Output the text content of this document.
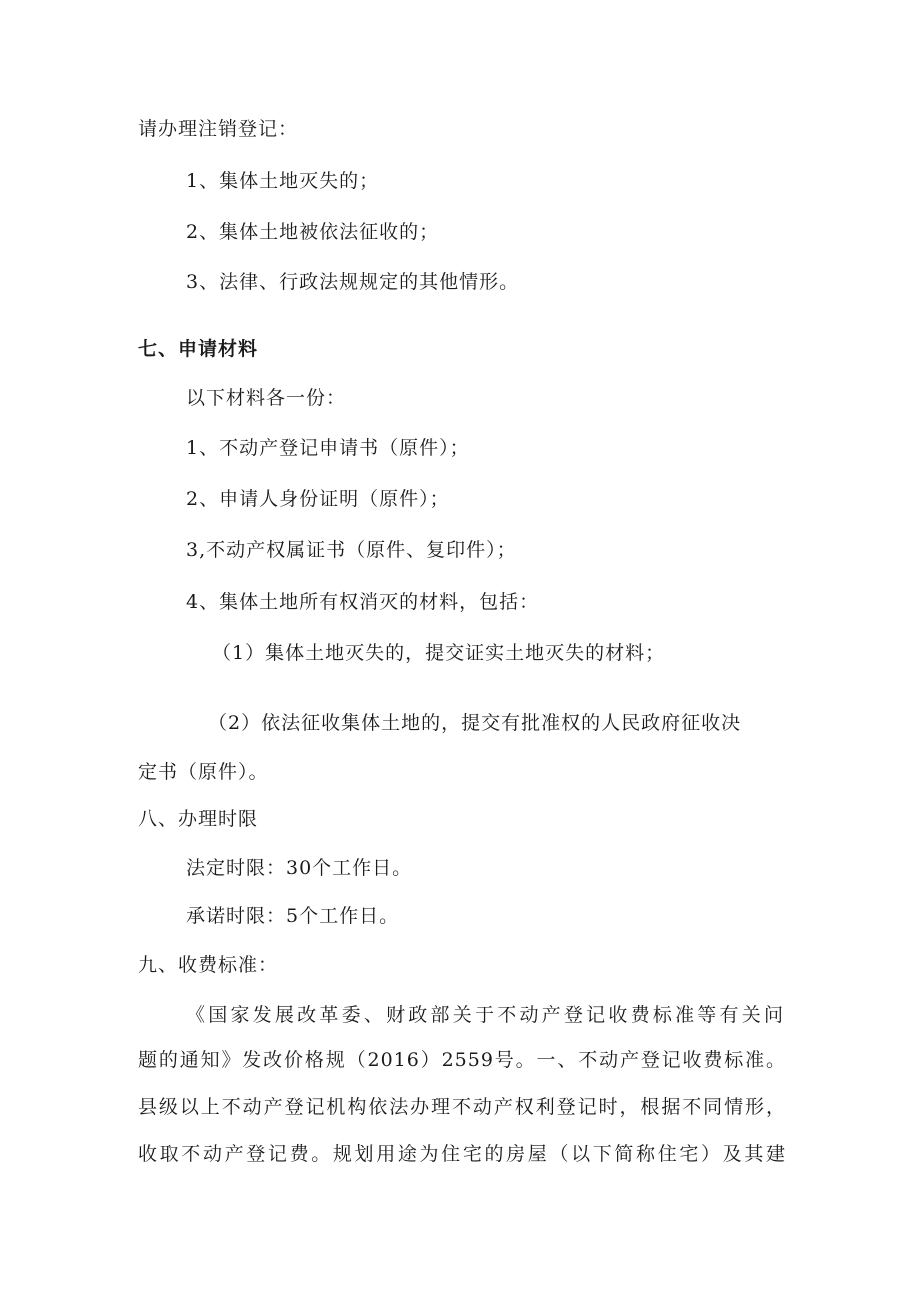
请办理注销登记：
1、集体土地灭失的；
2、集体土地被依法征收的；
3、法律、行政法规规定的其他情形。
七、申请材料
以下材料各一份：
1、不动产登记申请书（原件）；
2、申请人身份证明（原件）；
3,不动产权属证书（原件、复印件）；
4、集体土地所有权消灭的材料，包括：
（1）集体土地灭失的，提交证实土地灭失的材料；
（2）依法征收集体土地的，提交有批准权的人民政府征收决
定书（原件）。
八、办理时限
法定时限：30个工作日。
承诺时限：5个工作日。
九、收费标准：
《国家发展改革委、财政部关于不动产登记收费标准等有关问
题的通知》发改价格规（2016）2559号。一、不动产登记收费标准。
县级以上不动产登记机构依法办理不动产权利登记时，根据不同情形，
收取不动产登记费。规划用途为住宅的房屋（以下简称住宅）及其建
